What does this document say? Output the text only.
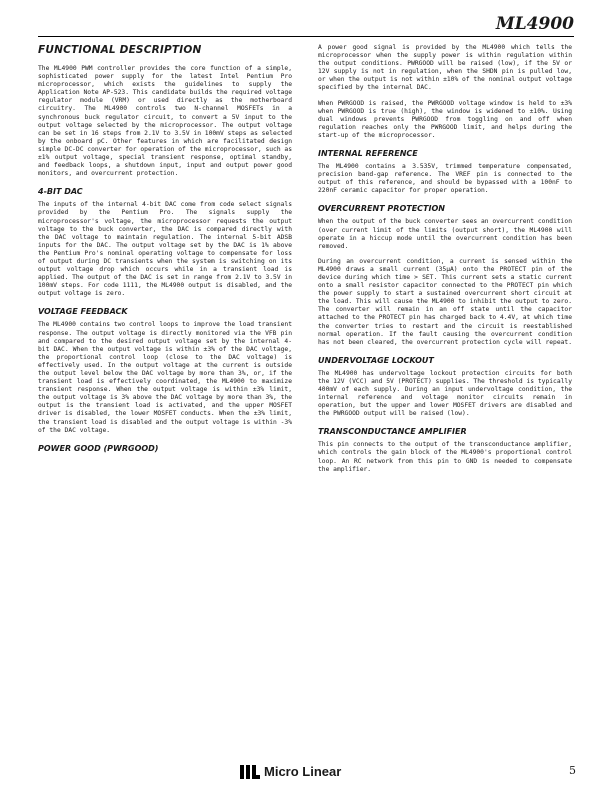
ML4900
FUNCTIONAL DESCRIPTION

The ML4900 PWM controller provides the core function of a simple, sophisticated power supply for the latest Intel Pentium Pro microprocessor, which exists the guidelines to supply the Application Note AP-523. This candidate builds the required voltage regulator module (VRM) or used directly as the motherboard circuitry. The ML4900 controls two N-channel MOSFETs in a synchronous buck regulator circuit, to convert a 5V input to the output voltage selected by the microprocessor. The output voltage can be set in 16 steps from 2.1V to 3.5V in 100mV steps as selected by the onboard pC. Other features in which are facilitated design simple DC-DC converter for operation of the microprocessor, such as ±1% output voltage, special transient response, optimal standby, and feedback loops, a shutdown input, input and output power good monitors, and overcurrent protection.

4-BIT DAC

The inputs of the internal 4-bit DAC come from code select signals provided by the Pentium Pro. The signals supply the microprocessor's voltage, the microprocessor requests the output voltage to the buck converter, the DAC is compared directly with the DAC voltage to maintain regulation. The internal 5-bit ADSB inputs for the DAC. The output voltage set by the DAC is 1% above the Pentium Pro's nominal operating voltage to compensate for loss of output during DC transients when the system is switching on its output voltage drop which occurs while in a transient load is applied. The output of the DAC is set in range from 2.1V to 3.5V in 100mV steps. For code 1111, the ML4900 output is disabled, and the output voltage is zero.

VOLTAGE FEEDBACK

The ML4900 contains two control loops to improve the load transient response. The output voltage is directly monitored via the VFB pin and compared to the desired output voltage set by the internal 4-bit DAC. When the output voltage is within ±3% of the DAC voltage, the proportional control loop (close to the DAC voltage) is effectively used. In the output voltage at the current is outside the output level below the DAC voltage by more than 3%, or, if the transient load is effectively coordinated, the ML4900 to maximize transient response. When the output voltage is within ±3% limit, the output voltage is 3% above the DAC voltage by more than 3%, the output is the transient load is activated, and the upper MOSFET driver is disabled, the lower MOSFET conducts. When the ±3% limit, the transient load is disabled and the output voltage is within -3% of the DAC voltage.

POWER GOOD (PWRGOOD)

A power good signal is provided by the ML4900 which tells the microprocessor when the supply power is within regulation within the output conditions. PWRGOOD will be raised (low), if the 5V or 12V supply is not in regulation, when the SHDN pin is pulled low, or when the output is not within ±10% of the nominal output voltage specified by the internal DAC.

When PWRGOOD is raised, the PWRGOOD voltage window is held to ±3% when PWRGOOD is true (high), the window is widened to ±10%. Using dual windows prevents PWRGOOD from toggling on and off when regulation reaches only the PWRGOOD limit, and helps during the start-up of the microprocessor.

INTERNAL REFERENCE

The ML4900 contains a 3.535V, trimmed temperature compensated, precision band-gap reference. The VREF pin is connected to the output of this reference, and should be bypassed with a 100nF to 220nF ceramic capacitor for proper operation.

OVERCURRENT PROTECTION

When the output of the buck converter sees an overcurrent condition (over current limit of the limits (output short), the ML4900 will operate in a hiccup mode until the overcurrent condition has been removed.

During an overcurrent condition, a current is sensed within the ML4900 draws a small current (35μA) onto the PROTECT pin of the device during which time > SET. This current sets a static current onto a small resistor capacitor connected to the PROTECT pin which the power supply to start a sustained overcurrent short circuit at the load. This will cause the ML4900 to inhibit the output to zero. The converter will remain in an off state until the capacitor attached to the PROTECT pin has charged back to 4.4V, at which time the converter tries to restart and the circuit is reestablished normal operation. If the fault causing the overcurrent condition has not been cleared, the overcurrent protection cycle will repeat.

UNDERVOLTAGE LOCKOUT

The ML4900 has undervoltage lockout protection circuits for both the 12V (VCC) and 5V (PROTECT) supplies. The threshold is typically 400mV of each supply. During an input undervoltage condition, the internal reference and voltage monitor circuits remain in operation, but the upper and lower MOSFET drivers are disabled and the PWRGOOD output will be raised (low).

TRANSCONDUCTANCE AMPLIFIER

This pin connects to the output of the transconductance amplifier, which controls the gain block of the ML4900's proportional control loop. An RC network from this pin to GND is needed to compensate the amplifier.

Micro Linear	5
